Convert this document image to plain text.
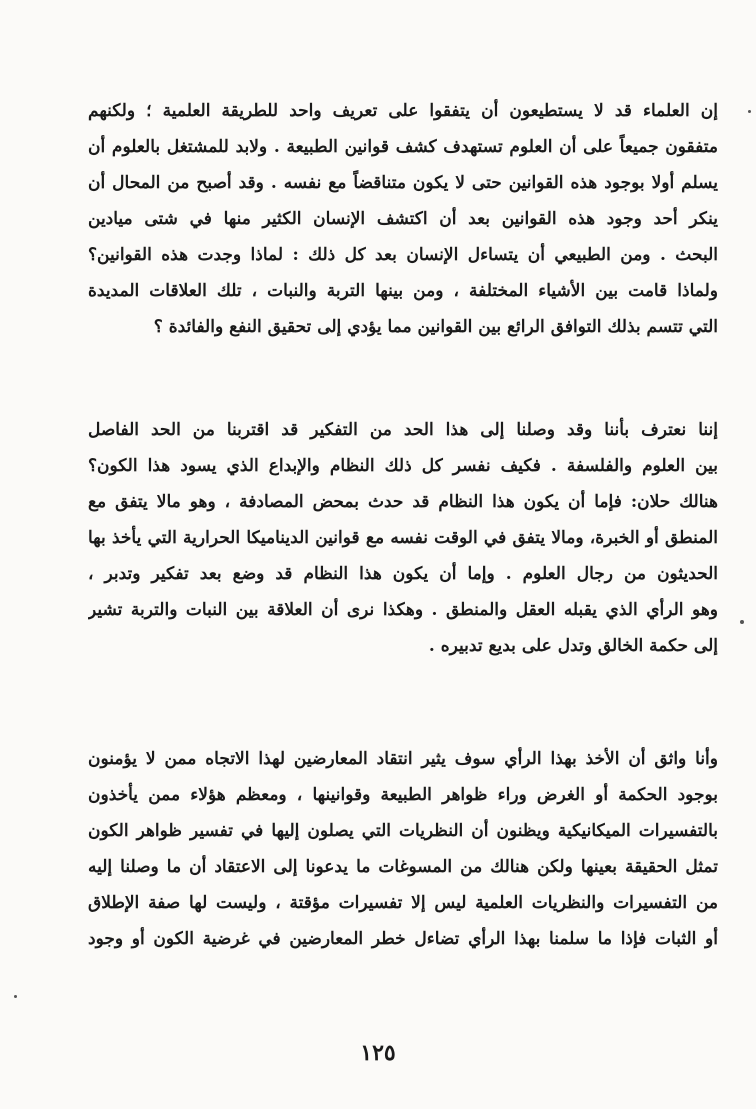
إن العلماء قد لا يستطيعون أن يتفقوا على تعريف واحد للطريقة العلمية ؛ ولكنهم
متفقون جميعاً على أن العلوم تستهدف كشف قوانين الطبيعة . ولابد للمشتغل بالعلوم أن
يسلم أولا بوجود هذه القوانين حتى لا يكون متناقضاً مع نفسه . وقد أصبح من المحال أن
ينكر أحد وجود هذه القوانين بعد أن اكتشف الإنسان الكثير منها في شتى ميادين
البحث . ومن الطبيعي أن يتساءل الإنسان بعد كل ذلك : لماذا وجدت هذه القوانين؟
ولماذا قامت بين الأشياء المختلفة ، ومن بينها التربة والنبات ، تلك العلاقات المديدة
التي تتسم بذلك التوافق الرائع بين القوانين مما يؤدي إلى تحقيق النفع والفائدة ؟
إننا نعترف بأننا وقد وصلنا إلى هذا الحد من التفكير قد اقتربنا من الحد الفاصل
بين العلوم والفلسفة . فكيف نفسر كل ذلك النظام والإبداع الذي يسود هذا الكون؟
هنالك حلان: فإما أن يكون هذا النظام قد حدث بمحض المصادفة ، وهو مالا يتفق مع
المنطق أو الخبرة، ومالا يتفق في الوقت نفسه مع قوانين الديناميكا الحرارية التي يأخذ بها
الحديثون من رجال العلوم . وإما أن يكون هذا النظام قد وضع بعد تفكير وتدبر ،
وهو الرأي الذي يقبله العقل والمنطق . وهكذا نرى أن العلاقة بين النبات والتربة تشير
إلى حكمة الخالق وتدل على بديع تدبيره .
وأنا واثق أن الأخذ بهذا الرأي سوف يثير انتقاد المعارضين لهذا الاتجاه ممن لا يؤمنون
بوجود الحكمة أو الغرض وراء ظواهر الطبيعة وقوانينها ، ومعظم هؤلاء ممن يأخذون
بالتفسيرات الميكانيكية ويظنون أن النظريات التي يصلون إليها في تفسير ظواهر الكون
تمثل الحقيقة بعينها ولكن هنالك من المسوغات ما يدعونا إلى الاعتقاد أن ما وصلنا إليه
من التفسيرات والنظريات العلمية ليس إلا تفسيرات مؤقتة ، وليست لها صفة الإطلاق
أو الثبات فإذا ما سلمنا بهذا الرأي تضاءل خطر المعارضين في غرضية الكون أو وجود
١٢٥
